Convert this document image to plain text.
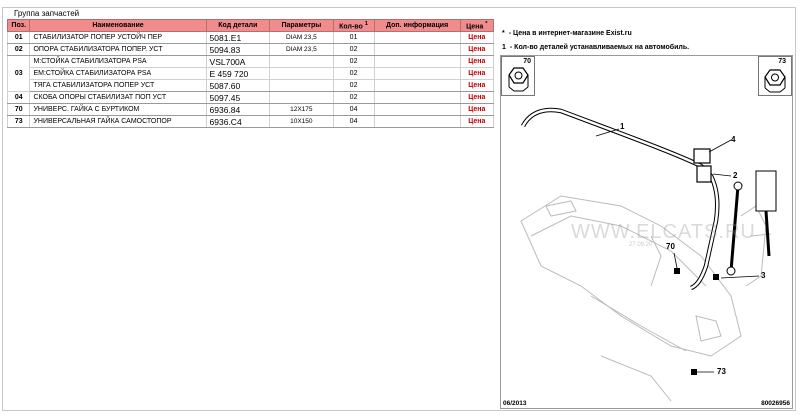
Группа запчастей
Поз.	Наименование	Код детали	Параметры	Кол-во $^1$	Доп. информация	Цена *
01	СТАБИЛИЗАТОР ПОПЕР УСТОЙЧ ПЕР	5081.E1	DIAM 23,5	01		Цена
02	ОПОРА СТАБИЛИЗАТОРА ПОПЕР. УСТ	5094.83	DIAM 23,5	02		Цена
03	М:СТОЙКА СТАБИЛИЗАТОРА PSA	VSL700A		02		Цена
	ЕМ:СТОЙКА СТАБИЛИЗАТОРА PSA	E 459 720		02		Цена
	ТЯГА СТАБИЛИЗАТОРА ПОПЕР УСТ	5087.60		02		Цена
04	СКОБА ОПОРЫ СТАБИЛИЗАТ ПОП УСТ	5097.45		02		Цена
70	УНИВЕРС. ГАЙКА С БУРТИКОМ	6936.84	12X175	04		Цена
73	УНИВЕРСАЛЬНАЯ ГАЙКА САМОСТОПОР	6936.C4	10X150	04		Цена
* - Цена в интернет-магазине Exist.ru
1 - Кол-во деталей устанавливаемых на автомобиль.
70	73
1
2
3
4
70
73
WWW.ELCATS.RU
27.09.20
06/2013	80026956
